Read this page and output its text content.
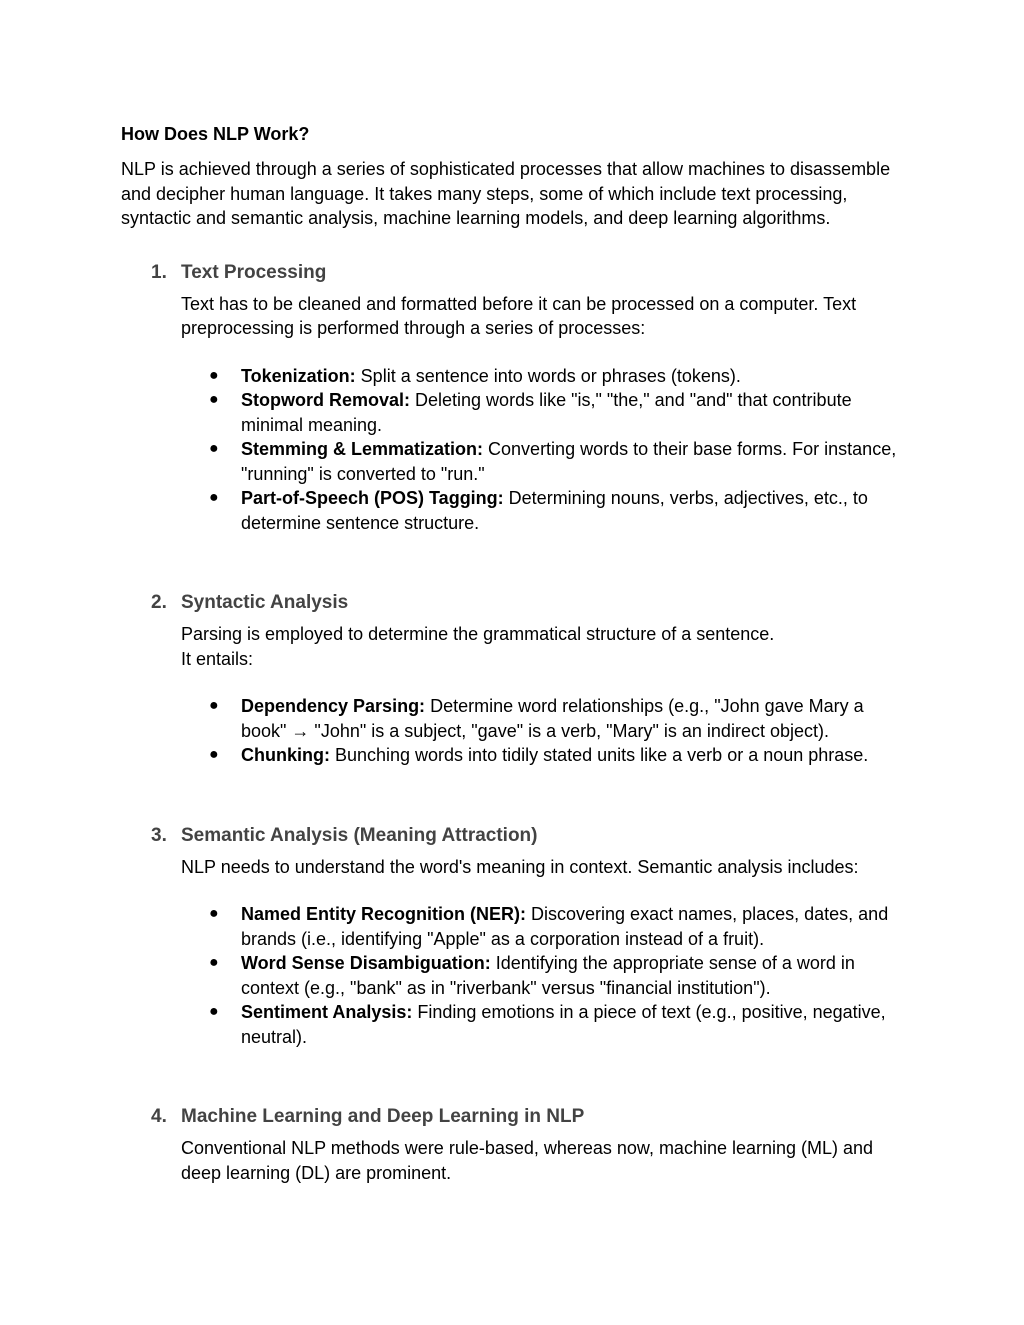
How Does NLP Work?

NLP is achieved through a series of sophisticated processes that allow machines to disassemble and decipher human language. It takes many steps, some of which include text processing, syntactic and semantic analysis, machine learning models, and deep learning algorithms.

1. Text Processing

Text has to be cleaned and formatted before it can be processed on a computer. Text preprocessing is performed through a series of processes:

●	Tokenization: Split a sentence into words or phrases (tokens).
●	Stopword Removal: Deleting words like "is," "the," and "and" that contribute minimal meaning.
●	Stemming & Lemmatization: Converting words to their base forms. For instance, "running" is converted to "run."
●	Part-of-Speech (POS) Tagging: Determining nouns, verbs, adjectives, etc., to determine sentence structure.
2. Syntactic Analysis

Parsing is employed to determine the grammatical structure of a sentence.
It entails:

●	Dependency Parsing: Determine word relationships (e.g., "John gave Mary a book" → "John" is a subject, "gave" is a verb, "Mary" is an indirect object).
●	Chunking: Bunching words into tidily stated units like a verb or a noun phrase.
3. Semantic Analysis (Meaning Attraction)

NLP needs to understand the word's meaning in context. Semantic analysis includes:

●	Named Entity Recognition (NER): Discovering exact names, places, dates, and brands (i.e., identifying "Apple" as a corporation instead of a fruit).
●	Word Sense Disambiguation: Identifying the appropriate sense of a word in context (e.g., "bank" as in "riverbank" versus "financial institution").
●	Sentiment Analysis: Finding emotions in a piece of text (e.g., positive, negative, neutral).
4. Machine Learning and Deep Learning in NLP

Conventional NLP methods were rule-based, whereas now, machine learning (ML) and deep learning (DL) are prominent.
